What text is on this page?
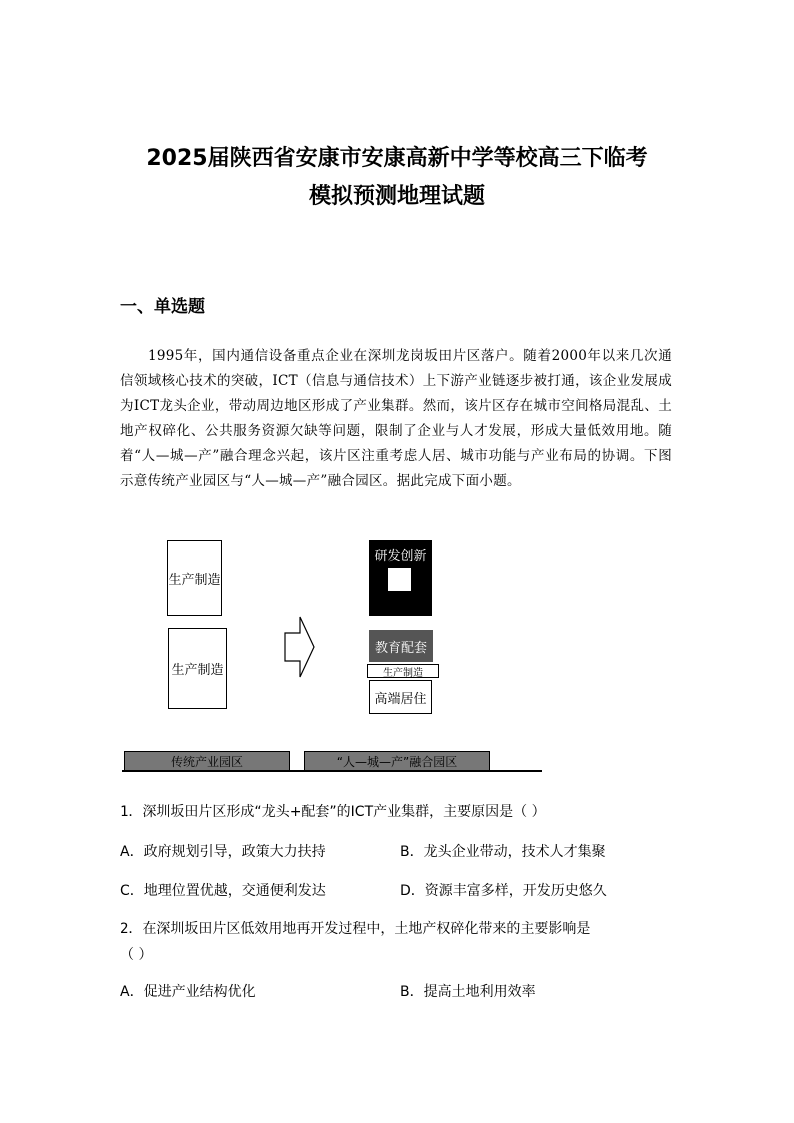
2025届陕西省安康市安康高新中学等校高三下临考
模拟预测地理试题
一、单选题

1995年，国内通信设备重点企业在深圳龙岗坂田片区落户。随着2000年以来几次通信领域核心技术的突破，ICT（信息与通信技术）上下游产业链逐步被打通，该企业发展成为ICT龙头企业，带动周边地区形成了产业集群。然而，该片区存在城市空间格局混乱、土地产权碎化、公共服务资源欠缺等问题，限制了企业与人才发展，形成大量低效用地。随着“人—城—产”融合理念兴起，该片区注重考虑人居、城市功能与产业布局的协调。下图示意传统产业园区与“人—城—产”融合园区。据此完成下面小题。

生产制造
生产制造
研发创新
教育配套
生产制造
高端居住
传统产业园区	“人—城—产”融合园区
1．深圳坂田片区形成“龙头+配套”的ICT产业集群，主要原因是（ ）
A．政府规划引导，政策大力扶持	B．龙头企业带动，技术人才集聚
C．地理位置优越，交通便利发达	D．资源丰富多样，开发历史悠久
2．在深圳坂田片区低效用地再开发过程中，土地产权碎化带来的主要影响是
（ ）
A．促进产业结构优化	B．提高土地利用效率
